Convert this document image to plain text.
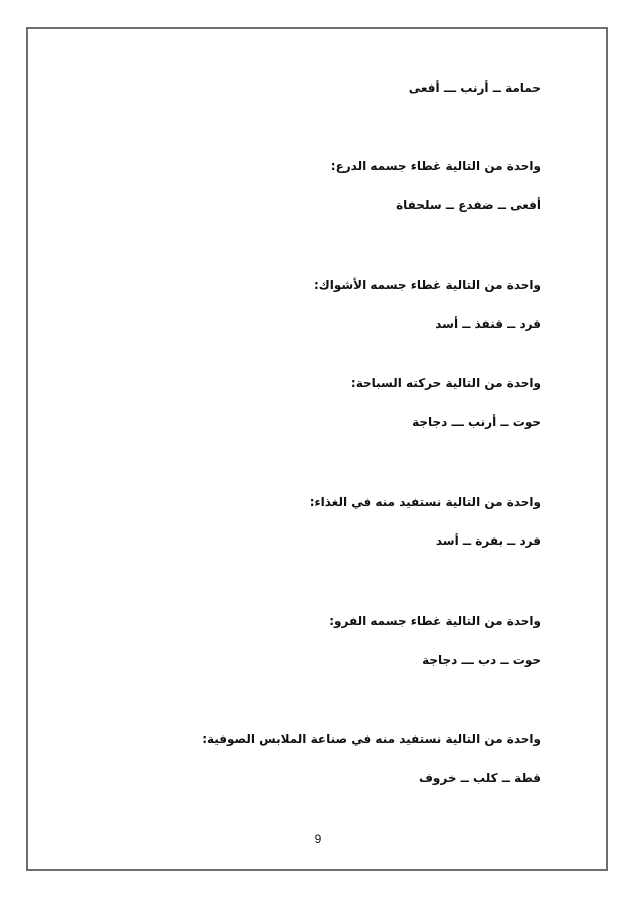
حمامة ــ أرنب ـــ أفعى
واحدة من التالية غطاء جسمه الدرع:
أفعى ــ ضفدع ــ سلحفاة
واحدة من التالية غطاء جسمه الأشواك:
قرد ــ قنفذ ــ أسد
واحدة من التالية حركته السباحة:
حوت ــ أرنب ـــ دجاجة
واحدة من التالية نستفيد منه في الغذاء:
قرد ــ بقرة ــ أسد
واحدة من التالية غطاء جسمه الفرو:
حوت ــ دب ـــ دجاجة
واحدة من التالية نستفيد منه في صناعة الملابس الصوفية:
قطة ــ كلب ــ خروف
9
